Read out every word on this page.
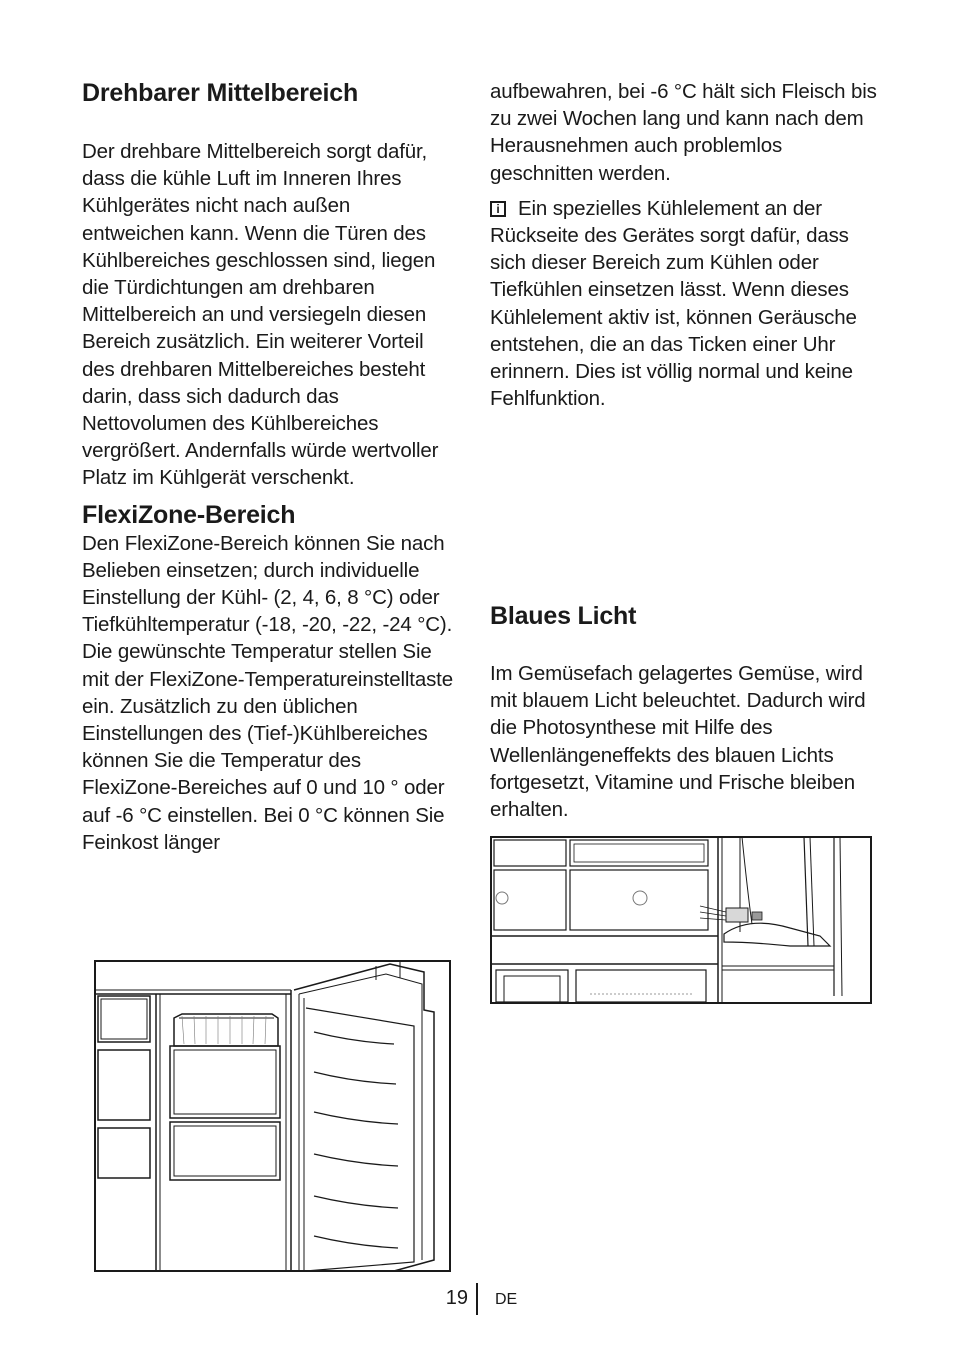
Drehbarer Mittelbereich

Der drehbare Mittelbereich sorgt dafür, dass die kühle Luft im Inneren Ihres Kühlgerätes nicht nach außen entweichen kann. Wenn die Türen des Kühlbereiches geschlossen sind, liegen die Türdichtungen am drehbaren Mittelbereich an und versiegeln diesen Bereich zusätzlich. Ein weiterer Vorteil des drehbaren Mittelbereiches besteht darin, dass sich dadurch das Nettovolumen des Kühlbereiches vergrößert. Andernfalls würde wertvoller Platz im Kühlgerät verschenkt.

FlexiZone-Bereich

Den FlexiZone-Bereich können Sie nach Belieben einsetzen; durch individuelle Einstellung der Kühl- (2, 4, 6, 8 °C) oder Tiefkühltemperatur (-18, -20, -22, -24 °C). Die gewünschte Temperatur stellen Sie mit der FlexiZone-Temperatureinstelltaste ein. Zusätzlich zu den üblichen Einstellungen des (Tief-)Kühlbereiches können Sie die Temperatur des FlexiZone-Bereiches auf 0 und 10 ° oder auf -6 °C einstellen. Bei 0 °C können Sie Feinkost länger

aufbewahren, bei -6 °C hält sich Fleisch bis zu zwei Wochen lang und kann nach dem Herausnehmen auch problemlos geschnitten werden.

i Ein spezielles Kühlelement an der Rückseite des Gerätes sorgt dafür, dass sich dieser Bereich zum Kühlen oder Tiefkühlen einsetzen lässt. Wenn dieses Kühlelement aktiv ist, können Geräusche entstehen, die an das Ticken einer Uhr erinnern. Dies ist völlig normal und keine Fehlfunktion.

Blaues Licht

Im Gemüsefach gelagertes Gemüse, wird mit blauem Licht beleuchtet. Dadurch wird die Photosynthese mit Hilfe des Wellenlängeneffekts des blauen Lichts fortgesetzt, Vitamine und Frische bleiben erhalten.

19 DE
